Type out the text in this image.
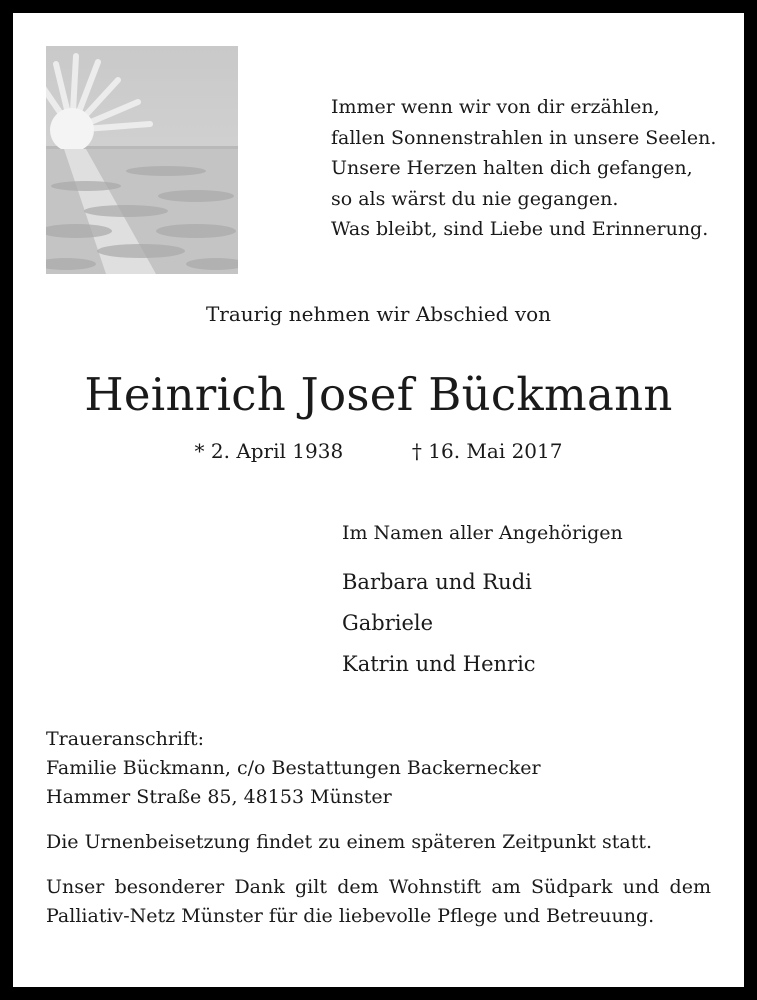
Immer wenn wir von dir erzählen,
fallen Sonnenstrahlen in unsere Seelen.
Unsere Herzen halten dich gefangen,
so als wärst du nie gegangen.
Was bleibt, sind Liebe und Erinnerung.
Traurig nehmen wir Abschied von
Heinrich Josef Bückmann
* 2. April 1938	† 16. Mai 2017
Im Namen aller Angehörigen
Barbara und Rudi
Gabriele
Katrin und Henric
Traueranschrift:
Familie Bückmann, c/o Bestattungen Backernecker
Hammer Straße 85, 48153 Münster
Die Urnenbeisetzung findet zu einem späteren Zeitpunkt statt.
Unser besonderer Dank gilt dem Wohnstift am Südpark und dem Palliativ-Netz Münster für die liebevolle Pflege und Betreuung.
